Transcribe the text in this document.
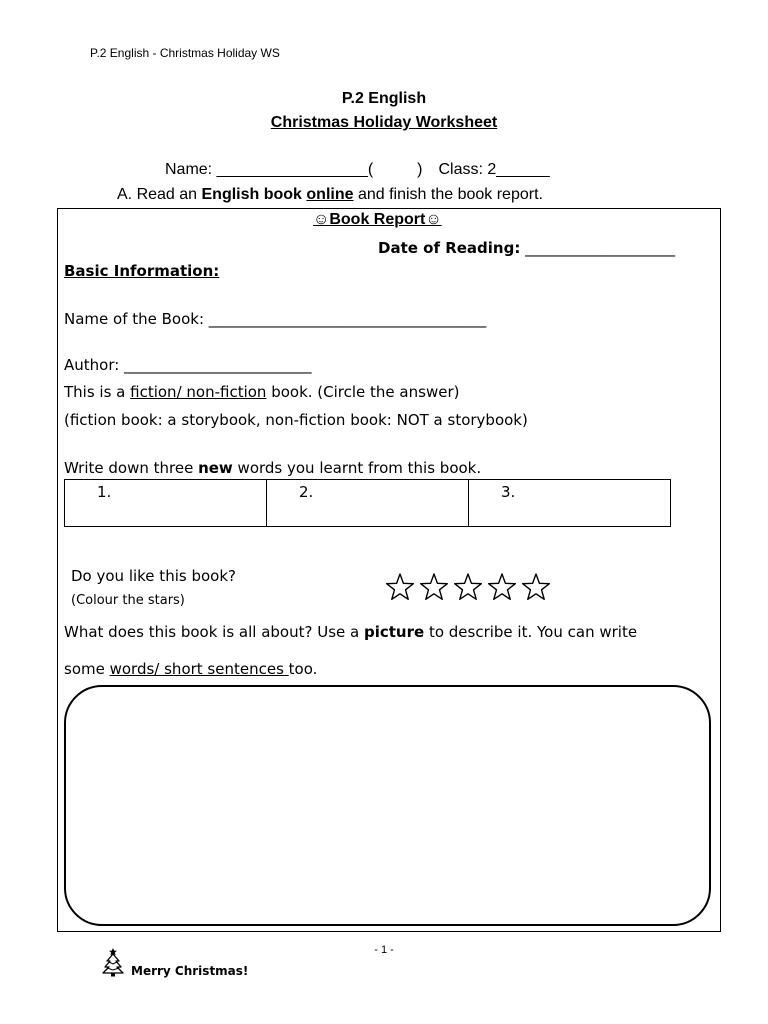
P.2 English - Christmas Holiday WS
P.2 English
Christmas Holiday Worksheet
Name: _________________(	) Class: 2______
A. Read an English book online and finish the book report.
☺Book Report☺
Date of Reading: ____________________
Basic Information:
Name of the Book: _____________________________________
Author: _________________________
This is a fiction/ non-fiction book. (Circle the answer)
(fiction book: a storybook, non-fiction book: NOT a storybook)
Write down three new words you learnt from this book.
1.	2.	3.
Do you like this book?
(Colour the stars)
What does this book is all about? Use a picture to describe it. You can write
some words/ short sentences too.
- 1 -
Merry Christmas!
